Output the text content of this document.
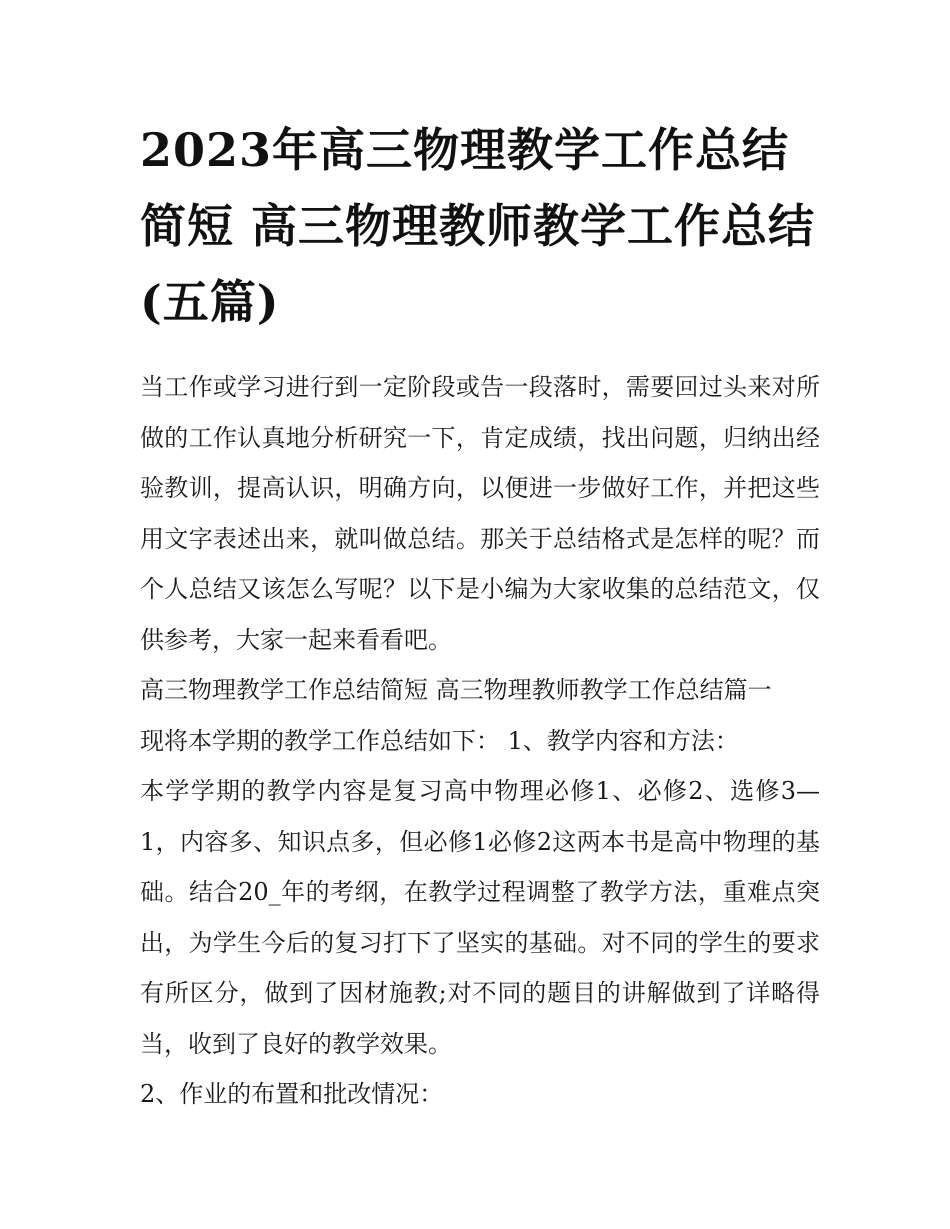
2023年高三物理教学工作总结简短 高三物理教师教学工作总结(五篇)

当工作或学习进行到一定阶段或告一段落时，需要回过头来对所做的工作认真地分析研究一下，肯定成绩，找出问题，归纳出经验教训，提高认识，明确方向，以便进一步做好工作，并把这些用文字表述出来，就叫做总结。那关于总结格式是怎样的呢？而个人总结又该怎么写呢？以下是小编为大家收集的总结范文，仅供参考，大家一起来看看吧。

高三物理教学工作总结简短 高三物理教师教学工作总结篇一

现将本学期的教学工作总结如下： 1、教学内容和方法：

本学学期的教学内容是复习高中物理必修1、必修2、选修3—1，内容多、知识点多，但必修1必修2这两本书是高中物理的基础。结合20_年的考纲，在教学过程调整了教学方法，重难点突出，为学生今后的复习打下了坚实的基础。对不同的学生的要求有所区分，做到了因材施教;对不同的题目的讲解做到了详略得当，收到了良好的教学效果。

2、作业的布置和批改情况：
